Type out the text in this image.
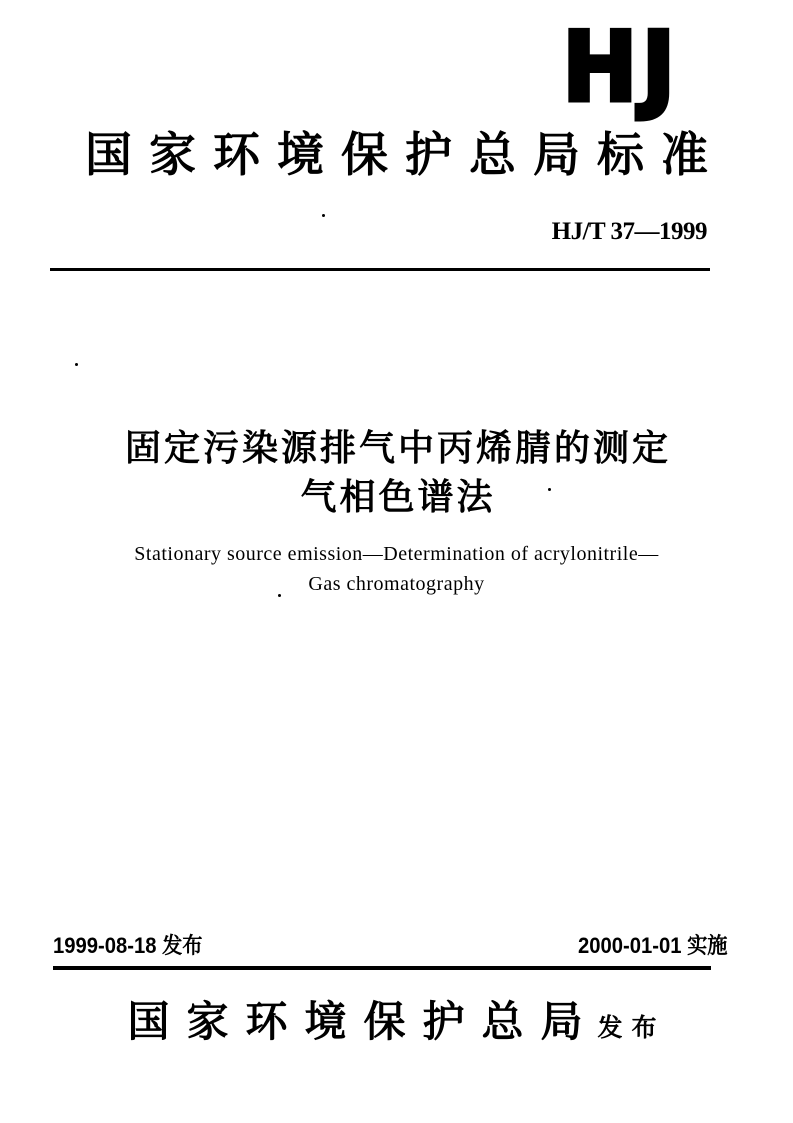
HJ
国家环境保护总局标准
HJ/T 37—1999
固定污染源排气中丙烯腈的测定
气相色谱法
Stationary source emission—Determination of acrylonitrile—
Gas chromatography
1999-08-18 发布	2000-01-01 实施
国家环境保护总局发布
